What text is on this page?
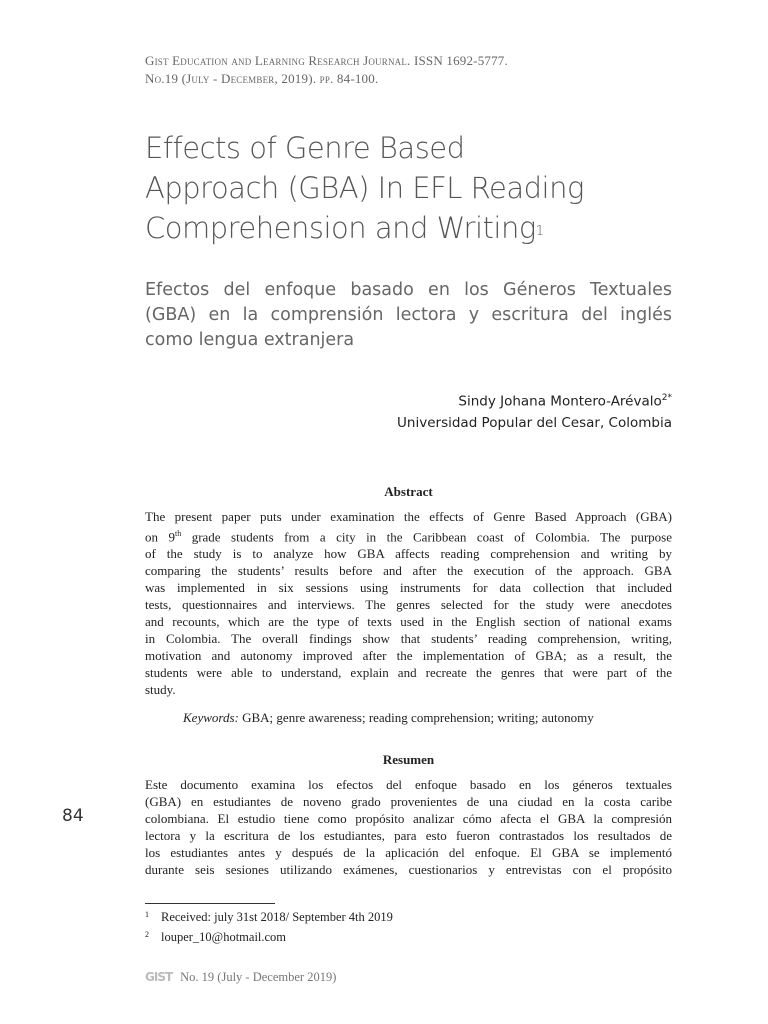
Gist Education and Learning Research Journal. ISSN 1692-5777.
No.19 (July - December, 2019). pp. 84-100.
Effects of Genre Based
Approach (GBA) In EFL Reading
Comprehension and Writing$^1$
Efectos del enfoque basado en los Géneros Textuales
(GBA) en la comprensión lectora y escritura del inglés
como lengua extranjera
Sindy Johana Montero-Arévalo$^{2*}$
Universidad Popular del Cesar, Colombia
Abstract
The present paper puts under examination the effects of Genre Based Approach (GBA)
on 9th grade students from a city in the Caribbean coast of Colombia. The purpose
of the study is to analyze how GBA affects reading comprehension and writing by
comparing the students’ results before and after the execution of the approach. GBA
was implemented in six sessions using instruments for data collection that included
tests, questionnaires and interviews. The genres selected for the study were anecdotes
and recounts, which are the type of texts used in the English section of national exams
in Colombia. The overall findings show that students’ reading comprehension, writing,
motivation and autonomy improved after the implementation of GBA; as a result, the
students were able to understand, explain and recreate the genres that were part of the
study.
Keywords: GBA; genre awareness; reading comprehension; writing; autonomy
Resumen
Este documento examina los efectos del enfoque basado en los géneros textuales
(GBA) en estudiantes de noveno grado provenientes de una ciudad en la costa caribe
colombiana. El estudio tiene como propósito analizar cómo afecta el GBA la compresión
lectora y la escritura de los estudiantes, para esto fueron contrastados los resultados de
los estudiantes antes y después de la aplicación del enfoque. El GBA se implementó
durante seis sesiones utilizando exámenes, cuestionarios y entrevistas con el propósito
84
$^1$ Received: july 31st 2018/ September 4th 2019
$^2$ louper_10@hotmail.com
GIST No. 19 (July - December 2019)
